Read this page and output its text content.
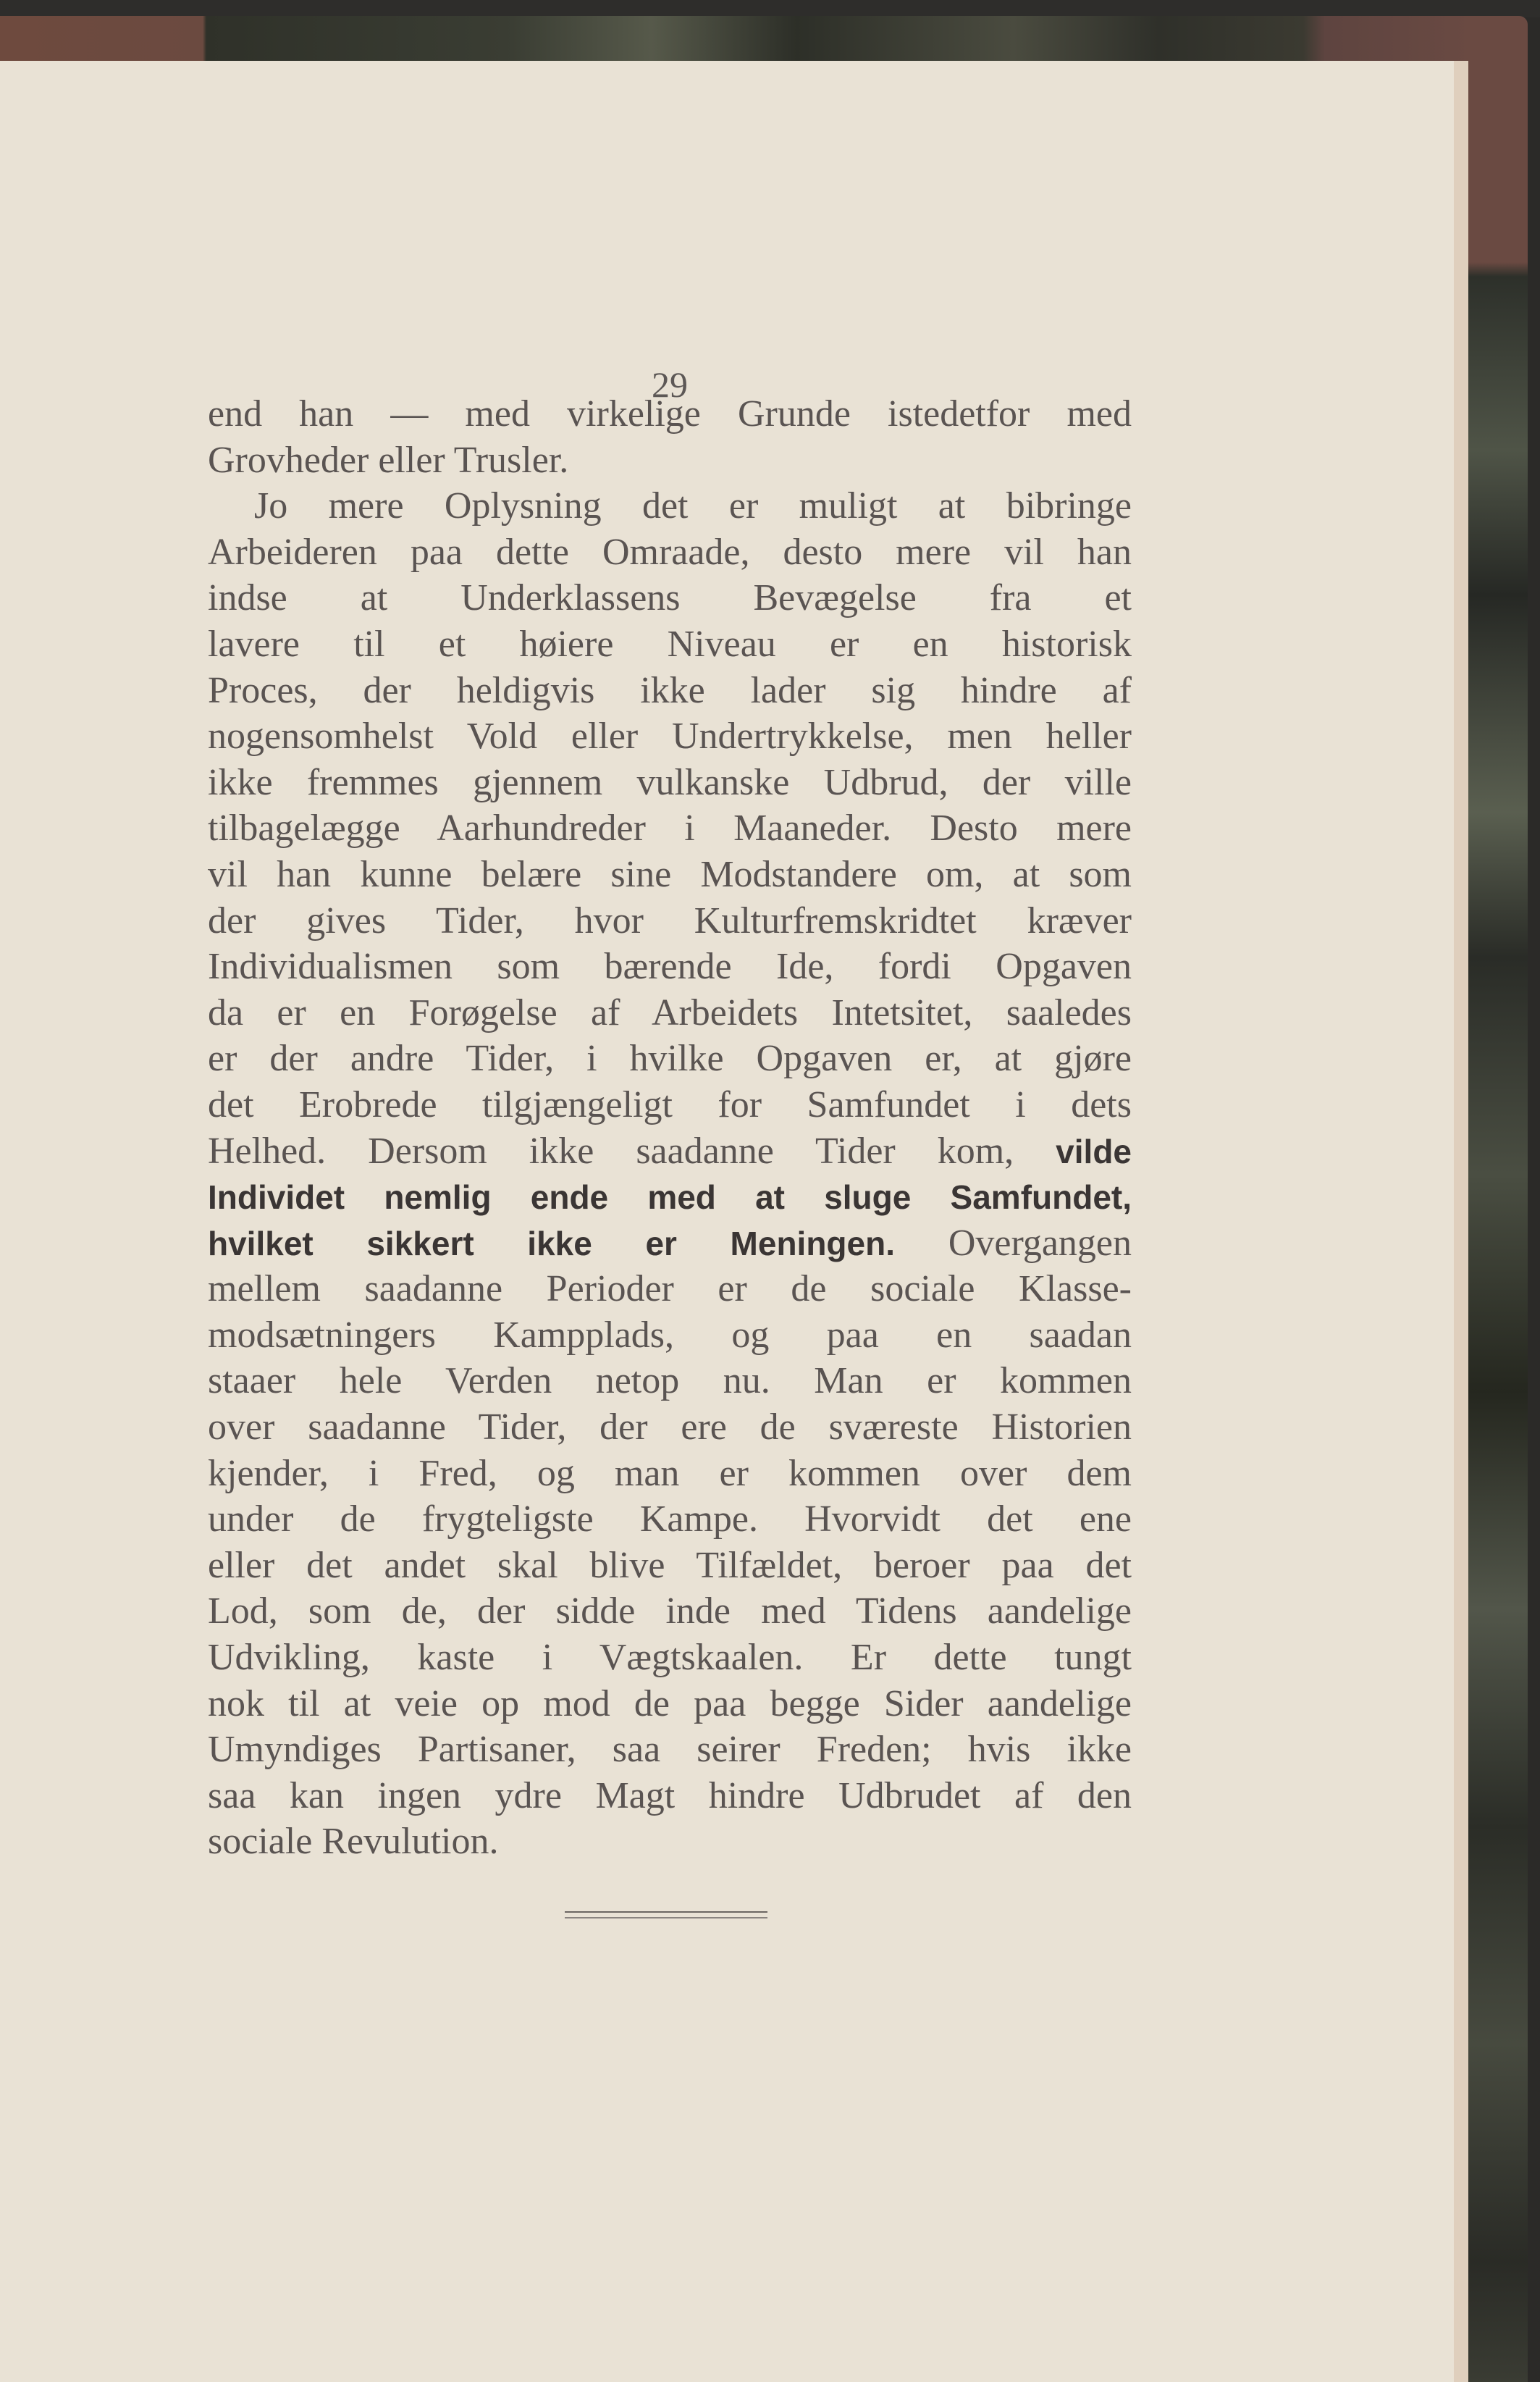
29
end han — med virkelige Grunde istedetfor med
Grovheder eller Trusler.
Jo mere Oplysning det er muligt at bibringe
Arbeideren paa dette Omraade, desto mere vil han
indse at Underklassens Bevægelse fra et
lavere til et høiere Niveau er en historisk
Proces, der heldigvis ikke lader sig hindre af
nogensomhelst Vold eller Undertrykkelse, men heller
ikke fremmes gjennem vulkanske Udbrud, der ville
tilbagelægge Aarhundreder i Maaneder. Desto mere
vil han kunne belære sine Modstandere om, at som
der gives Tider, hvor Kulturfremskridtet kræver
Individualismen som bærende Ide, fordi Opgaven
da er en Forøgelse af Arbeidets Intetsitet, saaledes
er der andre Tider, i hvilke Opgaven er, at gjøre
det Erobrede tilgjængeligt for Samfundet i dets
Helhed. Dersom ikke saadanne Tider kom, vilde
Individet nemlig ende med at sluge Samfundet,
hvilket sikkert ikke er Meningen. Overgangen
mellem saadanne Perioder er de sociale Klasse-
modsætningers Kampplads, og paa en saadan
staaer hele Verden netop nu. Man er kommen
over saadanne Tider, der ere de sværeste Historien
kjender, i Fred, og man er kommen over dem
under de frygteligste Kampe. Hvorvidt det ene
eller det andet skal blive Tilfældet, beroer paa det
Lod, som de, der sidde inde med Tidens aandelige
Udvikling, kaste i Vægtskaalen. Er dette tungt
nok til at veie op mod de paa begge Sider aandelige
Umyndiges Partisaner, saa seirer Freden; hvis ikke
saa kan ingen ydre Magt hindre Udbrudet af den
sociale Revulution.
